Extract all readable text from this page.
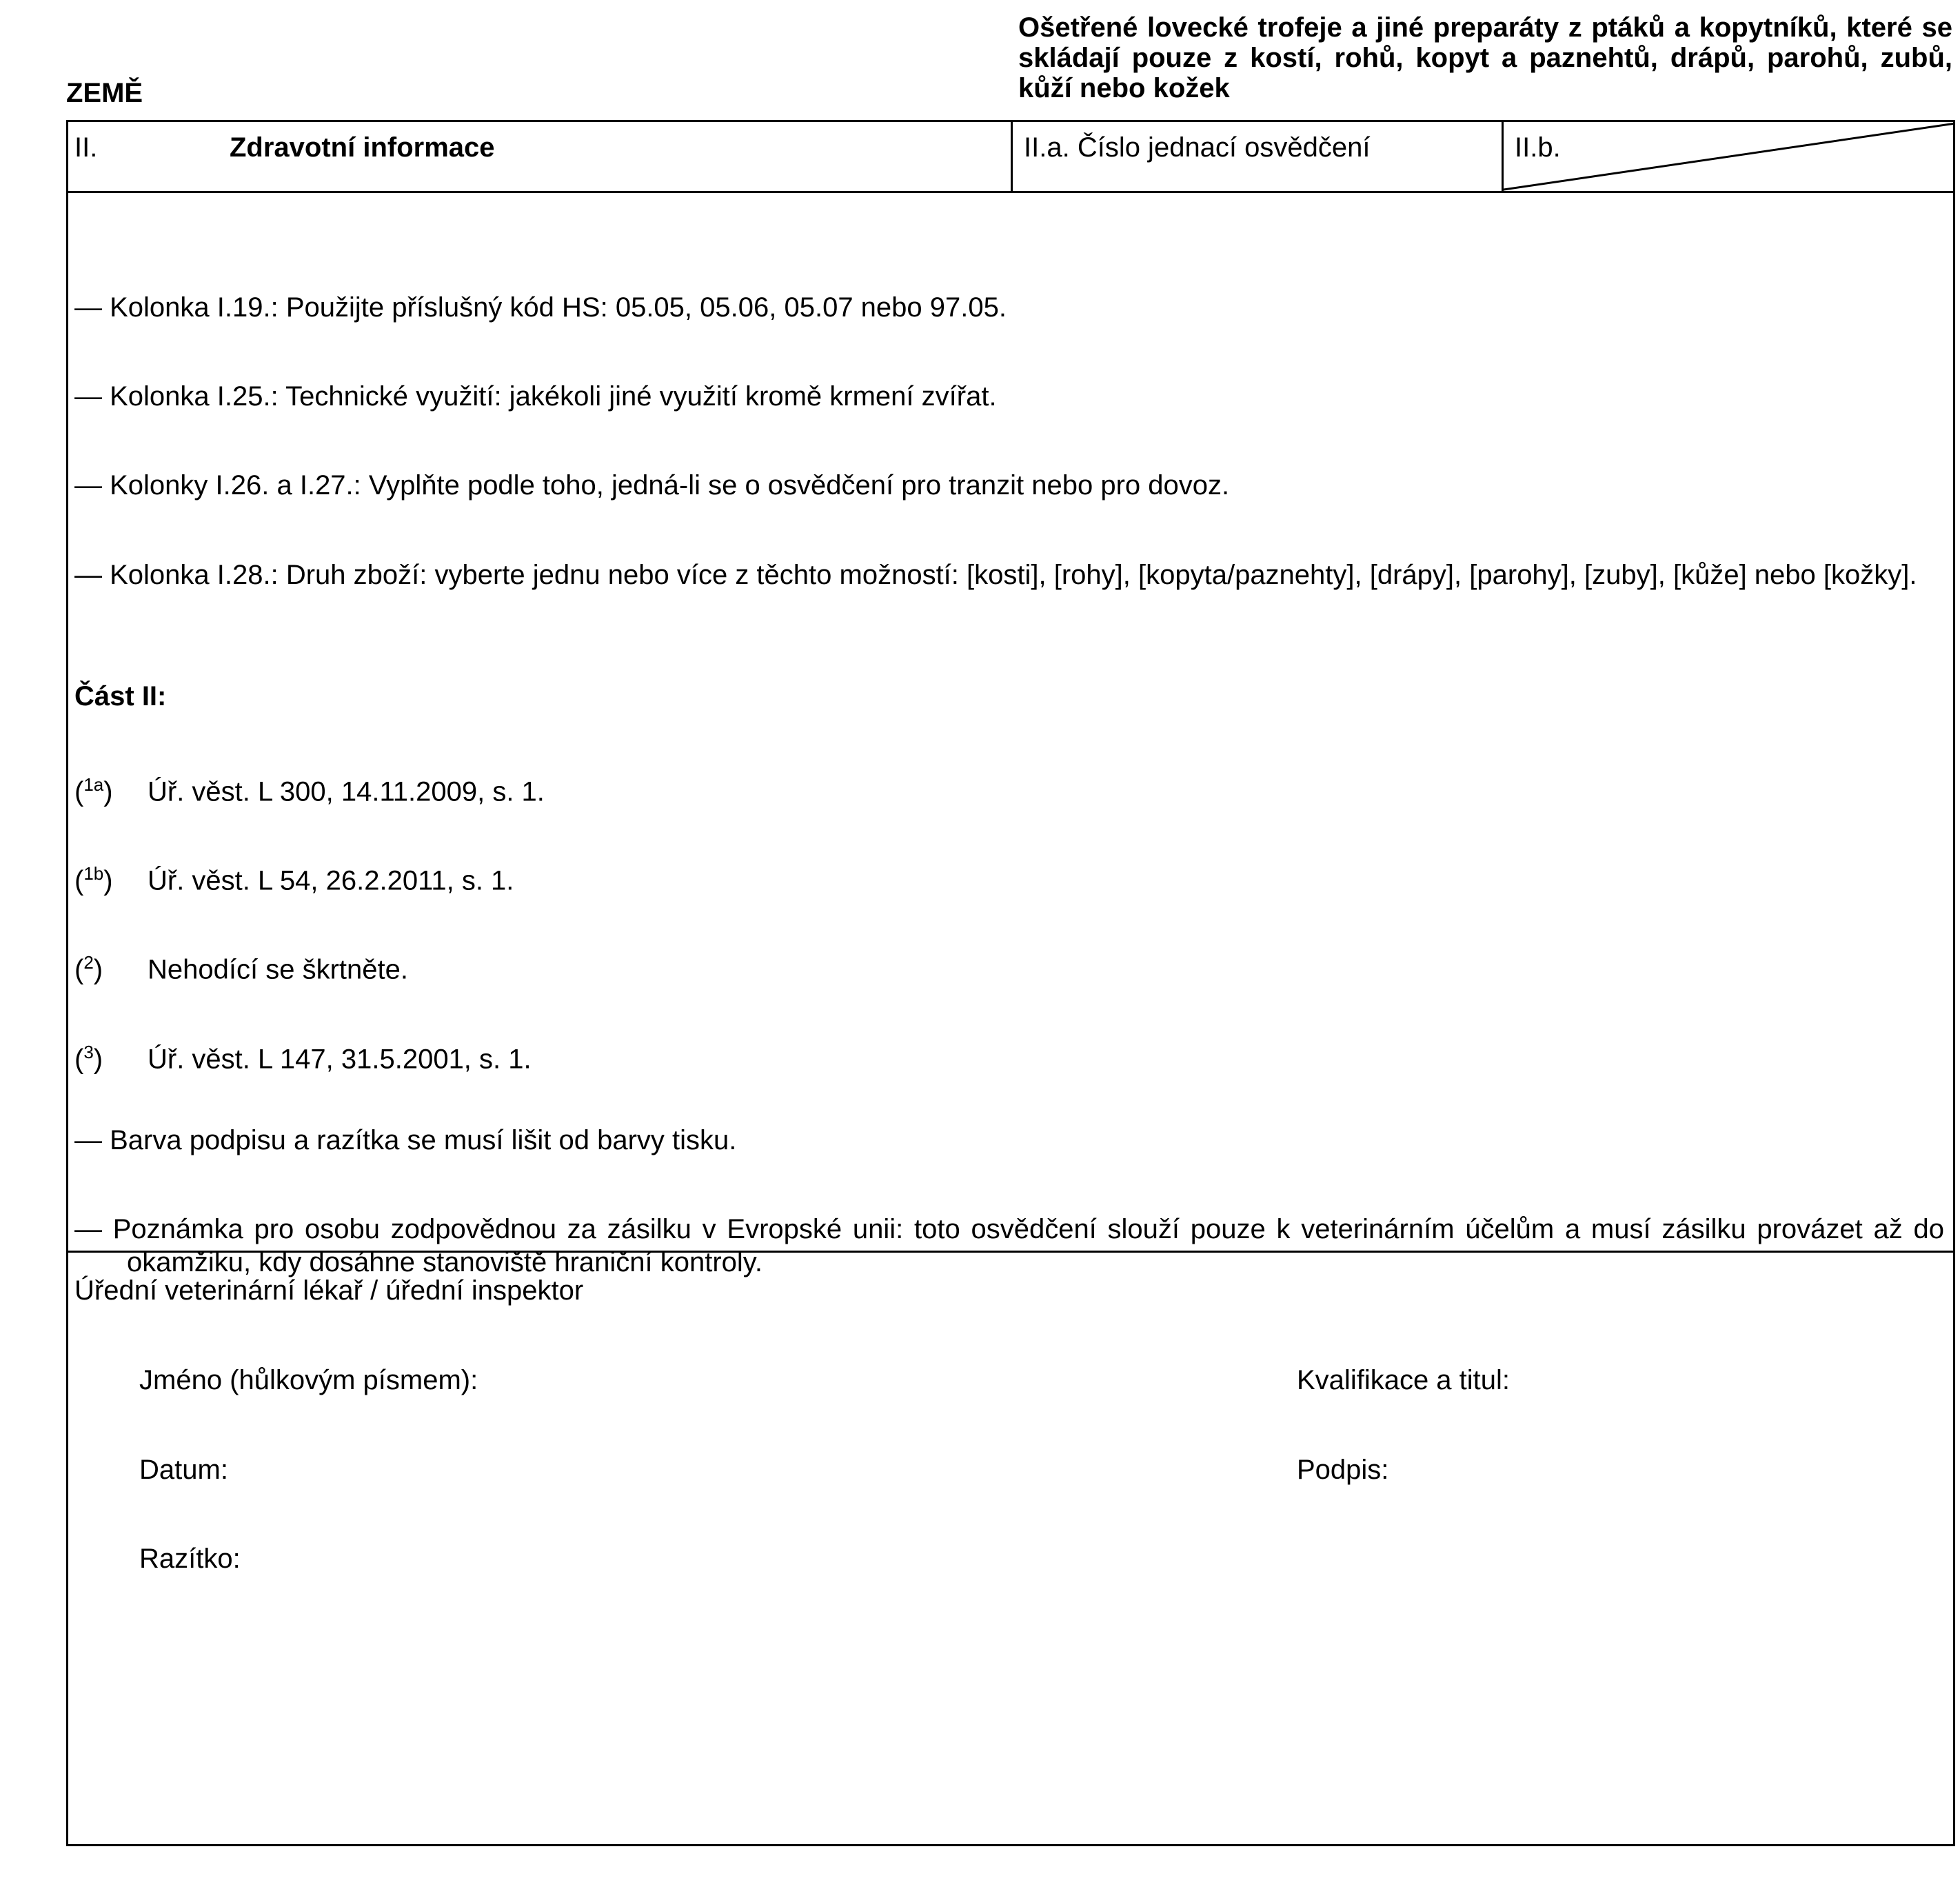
ZEMĚ
Ošetřené lovecké trofeje a jiné preparáty z ptáků a kopytníků, které se skládají pouze z kostí, rohů, kopyt a paznehtů, drápů, parohů, zubů, kůží nebo kožek
II.	Zdravotní informace	II.a. Číslo jednací osvědčení	II.b.
— Kolonka I.19.: Použijte příslušný kód HS: 05.05, 05.06, 05.07 nebo 97.05.
— Kolonka I.25.: Technické využití: jakékoli jiné využití kromě krmení zvířat.
— Kolonky I.26. a I.27.: Vyplňte podle toho, jedná-li se o osvědčení pro tranzit nebo pro dovoz.
— Kolonka I.28.: Druh zboží: vyberte jednu nebo více z těchto možností: [kosti], [rohy], [kopyta/paznehty], [drápy], [parohy], [zuby], [kůže] nebo [kožky].
Část II:
($^{1a}$) Úř. věst. L 300, 14.11.2009, s. 1.
($^{1b}$) Úř. věst. L 54, 26.2.2011, s. 1.
($^2$) Nehodící se škrtněte.
($^3$) Úř. věst. L 147, 31.5.2001, s. 1.
— Barva podpisu a razítka se musí lišit od barvy tisku.
— Poznámka pro osobu zodpovědnou za zásilku v Evropské unii: toto osvědčení slouží pouze k veterinárním účelům a musí zásilku provázet až do okamžiku, kdy dosáhne stanoviště hraniční kontroly.
Úřední veterinární lékař / úřední inspektor
Jméno (hůlkovým písmem):	Kvalifikace a titul:
Datum:	Podpis:
Razítko:
